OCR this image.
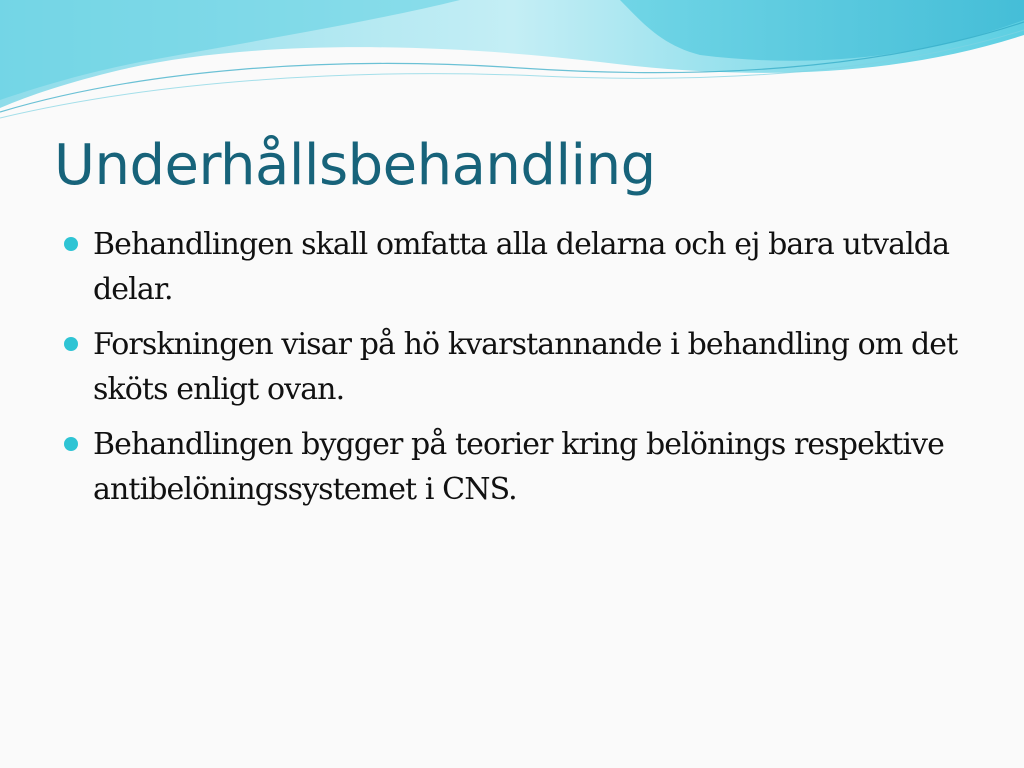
Underhållsbehandling
Behandlingen skall omfatta alla delarna och ej bara utvalda delar.
Forskningen visar på hö kvarstannande i behandling om det sköts enligt ovan.
Behandlingen bygger på teorier kring belönings respektive antibelöningssystemet i CNS.
